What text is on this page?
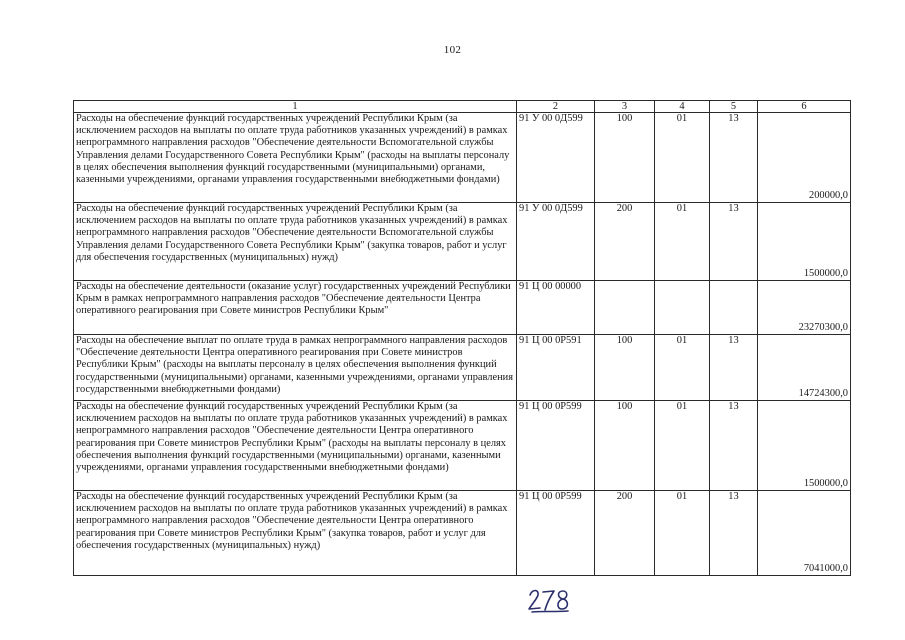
102
1	2	3	4	5	6
Расходы на обеспечение функций государственных учреждений Республики Крым (за исключением расходов на выплаты по оплате труда работников указанных учреждений) в рамках непрограммного направления расходов "Обеспечение деятельности Вспомогательной службы Управления делами Государственного Совета Республики Крым" (расходы на выплаты персоналу в целях обеспечения выполнения функций государственными (муниципальными) органами, казенными учреждениями, органами управления государственными внебюджетными фондами)	91 У 00 0Д599	100	01	13	200000,0
Расходы на обеспечение функций государственных учреждений Республики Крым (за исключением расходов на выплаты по оплате труда работников указанных учреждений) в рамках непрограммного направления расходов "Обеспечение деятельности Вспомогательной службы Управления делами Государственного Совета Республики Крым" (закупка товаров, работ и услуг для обеспечения государственных (муниципальных) нужд)	91 У 00 0Д599	200	01	13	1500000,0
Расходы на обеспечение деятельности (оказание услуг) государственных учреждений Республики Крым в рамках непрограммного направления расходов "Обеспечение деятельности Центра оперативного реагирования при Совете министров Республики Крым"	91 Ц 00 00000				23270300,0
Расходы на обеспечение выплат по оплате труда в рамках непрограммного направления расходов "Обеспечение деятельности Центра оперативного реагирования при Совете министров Республики Крым" (расходы на выплаты персоналу в целях обеспечения выполнения функций государственными (муниципальными) органами, казенными учреждениями, органами управления государственными внебюджетными фондами)	91 Ц 00 0Р591	100	01	13	14724300,0
Расходы на обеспечение функций государственных учреждений Республики Крым (за исключением расходов на выплаты по оплате труда работников указанных учреждений) в рамках непрограммного направления расходов "Обеспечение деятельности Центра оперативного реагирования при Совете министров Республики Крым" (расходы на выплаты персоналу в целях обеспечения выполнения функций государственными (муниципальными) органами, казенными учреждениями, органами управления государственными внебюджетными фондами)	91 Ц 00 0Р599	100	01	13	1500000,0
Расходы на обеспечение функций государственных учреждений Республики Крым (за исключением расходов на выплаты по оплате труда работников указанных учреждений) в рамках непрограммного направления расходов "Обеспечение деятельности Центра оперативного реагирования при Совете министров Республики Крым" (закупка товаров, работ и услуг для обеспечения государственных (муниципальных) нужд)	91 Ц 00 0Р599	200	01	13	7041000,0
